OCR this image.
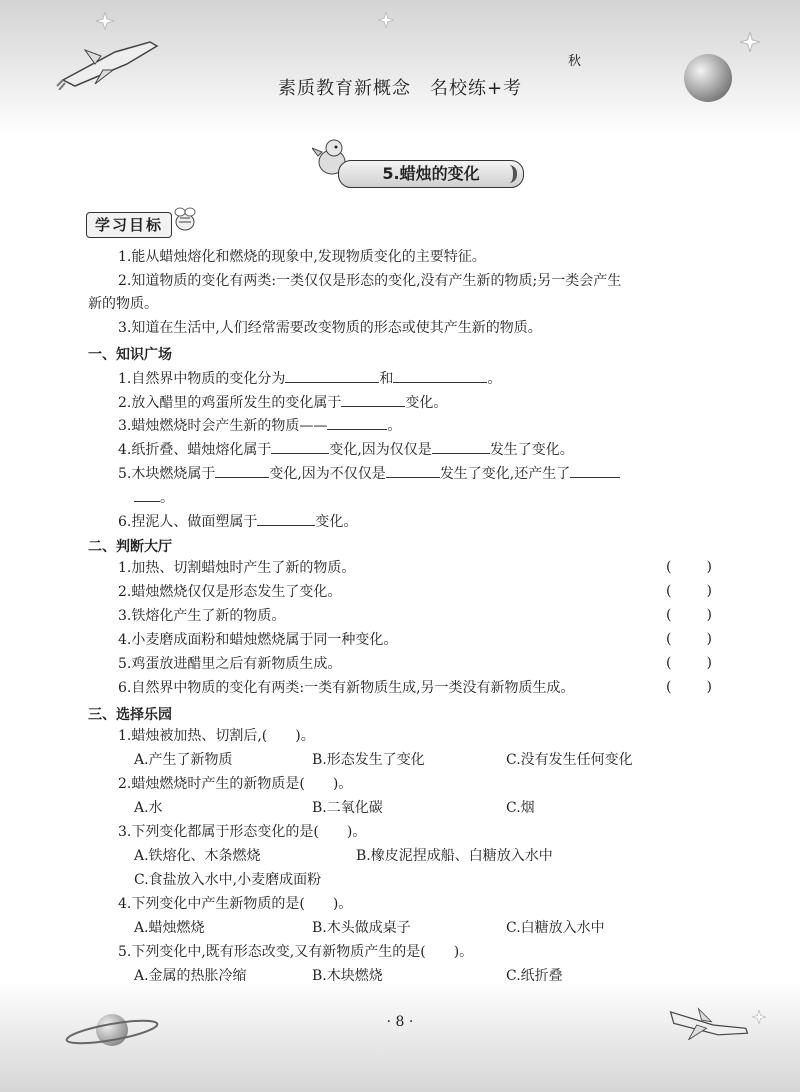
秋
素质教育新概念　名校练+考
5.蜡烛的变化
学习目标
1.能从蜡烛熔化和燃烧的现象中,发现物质变化的主要特征。
2.知道物质的变化有两类:一类仅仅是形态的变化,没有产生新的物质;另一类会产生
新的物质。
3.知道在生活中,人们经常需要改变物质的形态或使其产生新的物质。
一、知识广场
1.自然界中物质的变化分为	和	。
2.放入醋里的鸡蛋所发生的变化属于	变化。
3.蜡烛燃烧时会产生新的物质——	。
4.纸折叠、蜡烛熔化属于	变化,因为仅仅是	发生了变化。
5.木块燃烧属于	变化,因为不仅仅是	发生了变化,还产生了
。
6.捏泥人、做面塑属于	变化。
二、判断大厅
1.加热、切割蜡烛时产生了新的物质。	(	)
2.蜡烛燃烧仅仅是形态发生了变化。	(	)
3.铁熔化产生了新的物质。	(	)
4.小麦磨成面粉和蜡烛燃烧属于同一种变化。	(	)
5.鸡蛋放进醋里之后有新物质生成。	(	)
6.自然界中物质的变化有两类:一类有新物质生成,另一类没有新物质生成。	(	)
三、选择乐园
1.蜡烛被加热、切割后,(　　)。
A.产生了新物质	B.形态发生了变化	C.没有发生任何变化
2.蜡烛燃烧时产生的新物质是(　　)。
A.水	B.二氧化碳	C.烟
3.下列变化都属于形态变化的是(　　)。
A.铁熔化、木条燃烧	B.橡皮泥捏成船、白糖放入水中
C.食盐放入水中,小麦磨成面粉
4.下列变化中产生新物质的是(　　)。
A.蜡烛燃烧	B.木头做成桌子	C.白糖放入水中
5.下列变化中,既有形态改变,又有新物质产生的是(　　)。
A.金属的热胀冷缩	B.木块燃烧	C.纸折叠
· 8 ·
